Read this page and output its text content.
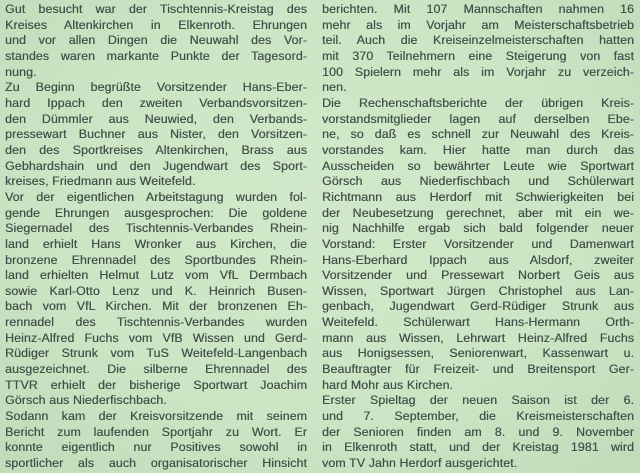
Gut besucht war der Tischtennis-Kreistag des
Kreises Altenkirchen in Elkenroth. Ehrungen
und vor allen Dingen die Neuwahl des Vor-
standes waren markante Punkte der Tagesord-
nung.
Zu Beginn begrüßte Vorsitzender Hans-Eber-
hard Ippach den zweiten Verbandsvorsitzen-
den Dümmler aus Neuwied, den Verbands-
pressewart Buchner aus Nister, den Vorsitzen-
den des Sportkreises Altenkirchen, Brass aus
Gebhardshain und den Jugendwart des Sport-
kreises, Friedmann aus Weitefeld.
Vor der eigentlichen Arbeitstagung wurden fol-
gende Ehrungen ausgesprochen: Die goldene
Siegernadel des Tischtennis-Verbandes Rhein-
land erhielt Hans Wronker aus Kirchen, die
bronzene Ehrennadel des Sportbundes Rhein-
land erhielten Helmut Lutz vom VfL Dermbach
sowie Karl-Otto Lenz und K. Heinrich Busen-
bach vom VfL Kirchen. Mit der bronzenen Eh-
rennadel des Tischtennis-Verbandes wurden
Heinz-Alfred Fuchs vom VfB Wissen und Gerd-
Rüdiger Strunk vom TuS Weitefeld-Langenbach
ausgezeichnet. Die silberne Ehrennadel des
TTVR erhielt der bisherige Sportwart Joachim
Görsch aus Niederfischbach.
Sodann kam der Kreisvorsitzende mit seinem
Bericht zum laufenden Sportjahr zu Wort. Er
konnte eigentlich nur Positives sowohl in
sportlicher als auch organisatorischer Hinsicht
berichten. Mit 107 Mannschaften nahmen 16
mehr als im Vorjahr am Meisterschaftsbetrieb
teil. Auch die Kreiseinzelmeisterschaften hatten
mit 370 Teilnehmern eine Steigerung von fast
100 Spielern mehr als im Vorjahr zu verzeich-
nen.
Die Rechenschaftsberichte der übrigen Kreis-
vorstandsmitglieder lagen auf derselben Ebe-
ne, so daß es schnell zur Neuwahl des Kreis-
vorstandes kam. Hier hatte man durch das
Ausscheiden so bewährter Leute wie Sportwart
Görsch aus Niederfischbach und Schülerwart
Richtmann aus Herdorf mit Schwierigkeiten bei
der Neubesetzung gerechnet, aber mit ein we-
nig Nachhilfe ergab sich bald folgender neuer
Vorstand: Erster Vorsitzender und Damenwart
Hans-Eberhard Ippach aus Alsdorf, zweiter
Vorsitzender und Pressewart Norbert Geis aus
Wissen, Sportwart Jürgen Christophel aus Lan-
genbach, Jugendwart Gerd-Rüdiger Strunk aus
Weitefeld. Schülerwart Hans-Hermann Orth-
mann aus Wissen, Lehrwart Heinz-Alfred Fuchs
aus Honigsessen, Seniorenwart, Kassenwart u.
Beauftragter für Freizeit- und Breitensport Ger-
hard Mohr aus Kirchen.
Erster Spieltag der neuen Saison ist der 6.
und 7. September, die Kreismeisterschaften
der Senioren finden am 8. und 9. November
in Elkenroth statt, und der Kreistag 1981 wird
vom TV Jahn Herdorf ausgerichtet.
